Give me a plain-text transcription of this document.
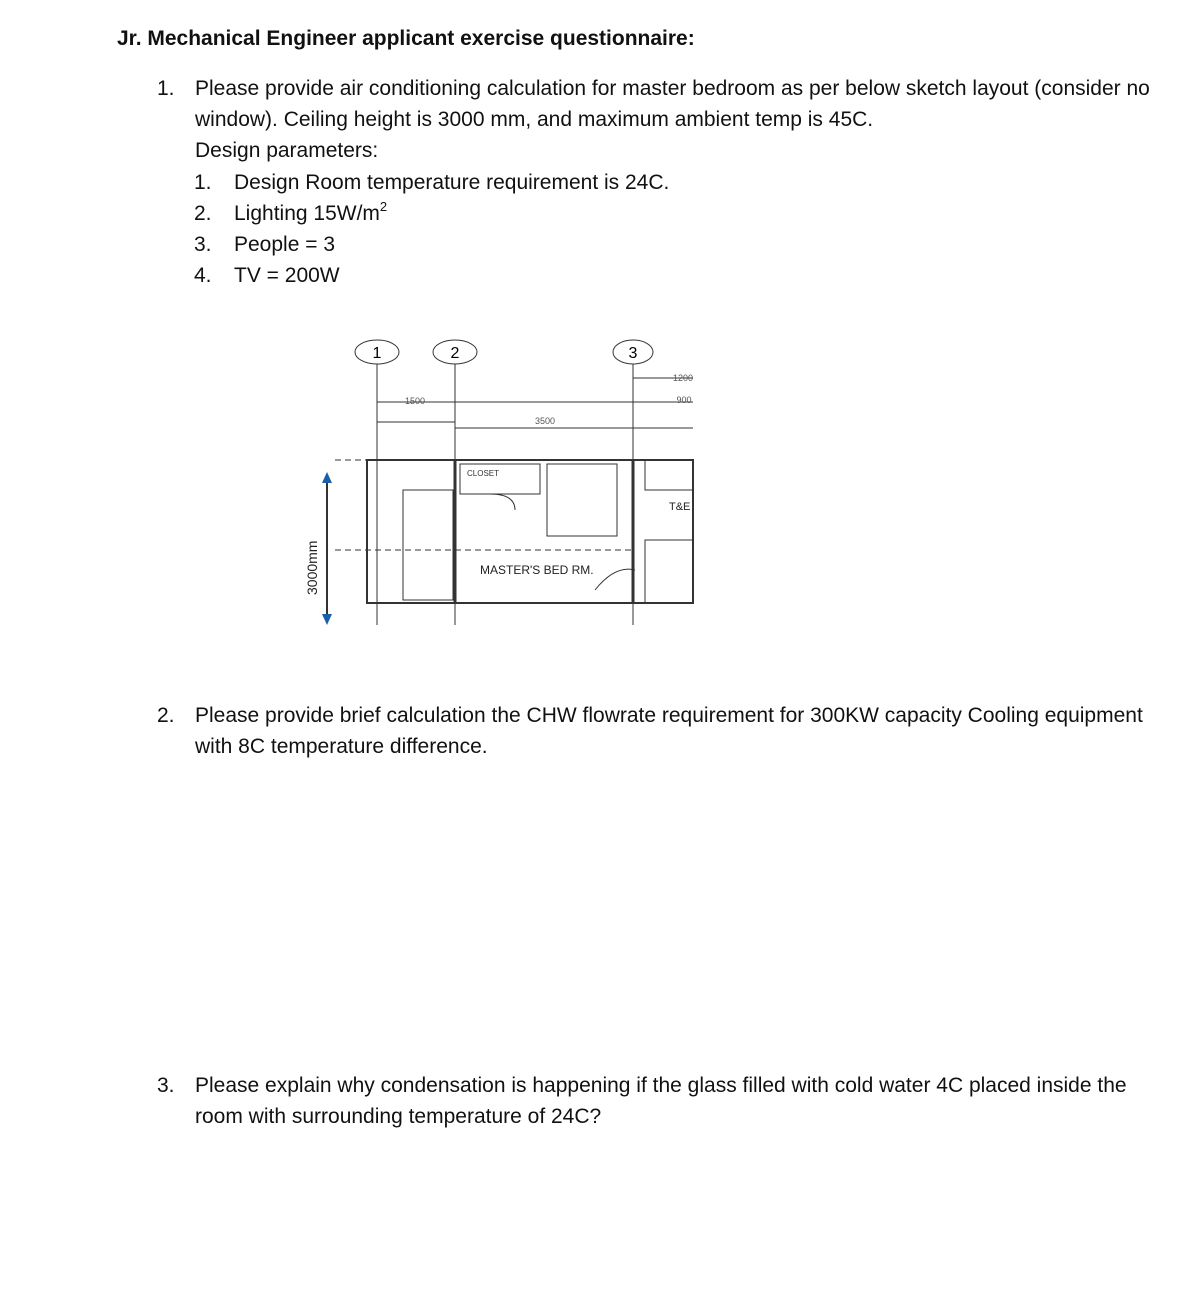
Jr. Mechanical Engineer applicant exercise questionnaire:
1. Please provide air conditioning calculation for master bedroom as per below sketch layout (consider no window). Ceiling height is 3000 mm, and maximum ambient temp is 45C.
Design parameters:
1. Design Room temperature requirement is 24C.
2. Lighting $15W/m^2$
3. People = 3
4. TV = 200W
1	2	3
1500
3500
1200
900
CLOSET
MASTER'S BED RM.
T&E
3000mm
2. Please provide brief calculation the CHW flowrate requirement for 300KW capacity Cooling equipment with 8C temperature difference.
3. Please explain why condensation is happening if the glass filled with cold water 4C placed inside the room with surrounding temperature of 24C?
